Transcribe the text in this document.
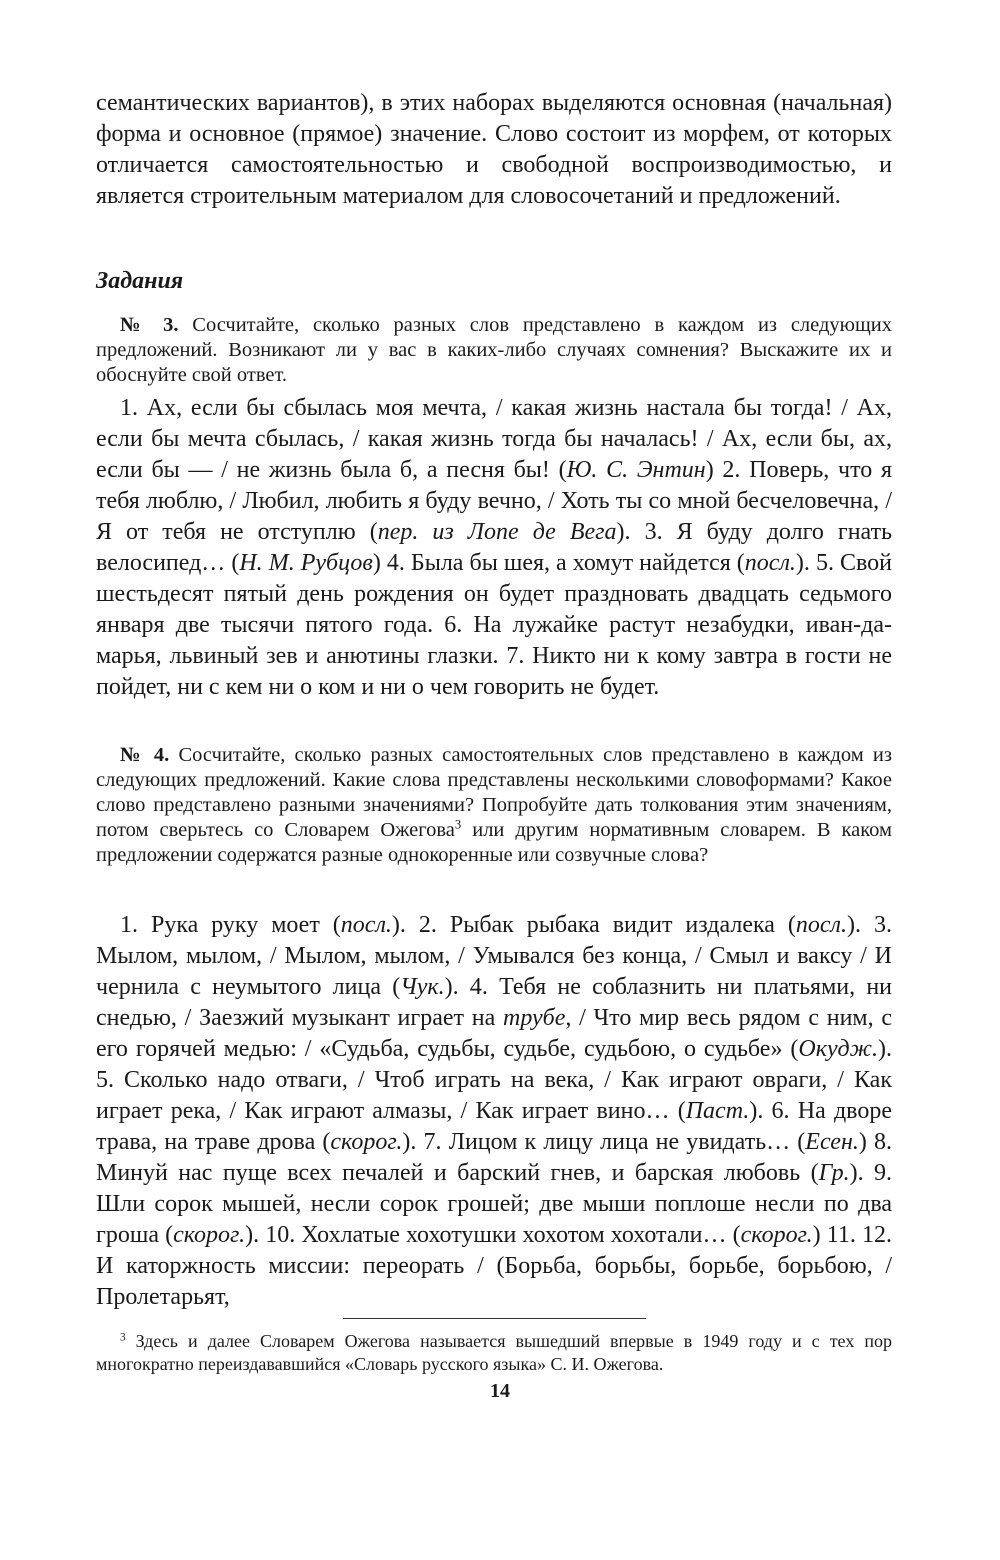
семантических вариантов), в этих наборах выделяются основная (начальная) форма и основное (прямое) значение. Слово состоит из морфем, от которых отличается самостоятельностью и свободной воспроизводимостью, и является строительным материалом для словосочетаний и предложений.

Задания

№ 3. Сосчитайте, сколько разных слов представлено в каждом из следующих предложений. Возникают ли у вас в каких-либо случаях сомнения? Выскажите их и обоснуйте свой ответ.

1. Ах, если бы сбылась моя мечта, / какая жизнь настала бы тогда! / Ах, если бы мечта сбылась, / какая жизнь тогда бы началась! / Ах, если бы, ах, если бы — / не жизнь была б, а песня бы! (Ю. С. Энтин) 2. Поверь, что я тебя люблю, / Любил, любить я буду вечно, / Хоть ты со мной бесчеловечна, / Я от тебя не отступлю (пер. из Лопе де Вега). 3. Я буду долго гнать велосипед… (Н. М. Рубцов) 4. Была бы шея, а хомут найдется (посл.). 5. Свой шестьдесят пятый день рождения он будет праздновать двадцать седьмого января две тысячи пятого года. 6. На лужайке растут незабудки, иван-да-марья, львиный зев и анютины глазки. 7. Никто ни к кому завтра в гости не пойдет, ни с кем ни о ком и ни о чем говорить не будет.

№ 4. Сосчитайте, сколько разных самостоятельных слов представлено в каждом из следующих предложений. Какие слова представлены несколькими словоформами? Какое слово представлено разными значениями? Попробуйте дать толкования этим значениям, потом сверьтесь со Словарем Ожегова$^3$ или другим нормативным словарем. В каком предложении содержатся разные однокоренные или созвучные слова?

1. Рука руку моет (посл.). 2. Рыбак рыбака видит издалека (посл.). 3. Мылом, мылом, / Мылом, мылом, / Умывался без конца, / Смыл и ваксу / И чернила с неумытого лица (Чук.). 4. Тебя не соблазнить ни платьями, ни снедью, / Заезжий музыкант играет на трубе, / Что мир весь рядом с ним, с его горячей медью: / «Судьба, судьбы, судьбе, судьбою, о судьбе» (Окудж.). 5. Сколько надо отваги, / Чтоб играть на века, / Как играют овраги, / Как играет река, / Как играют алмазы, / Как играет вино… (Паст.). 6. На дворе трава, на траве дрова (скорог.). 7. Лицом к лицу лица не увидать… (Есен.) 8. Минуй нас пуще всех печалей и барский гнев, и барская любовь (Гр.). 9. Шли сорок мышей, несли сорок грошей; две мыши поплоше несли по два гроша (скорог.). 10. Хохлатые хохотушки хохотом хохотали… (скорог.) 11. 12. И каторжность миссии: переорать / (Борьба, борьбы, борьбе, борьбою, / Пролетарьят,

$^3$ Здесь и далее Словарем Ожегова называется вышедший впервые в 1949 году и с тех пор многократно переиздававшийся «Словарь русского языка» С. И. Ожегова.

14
